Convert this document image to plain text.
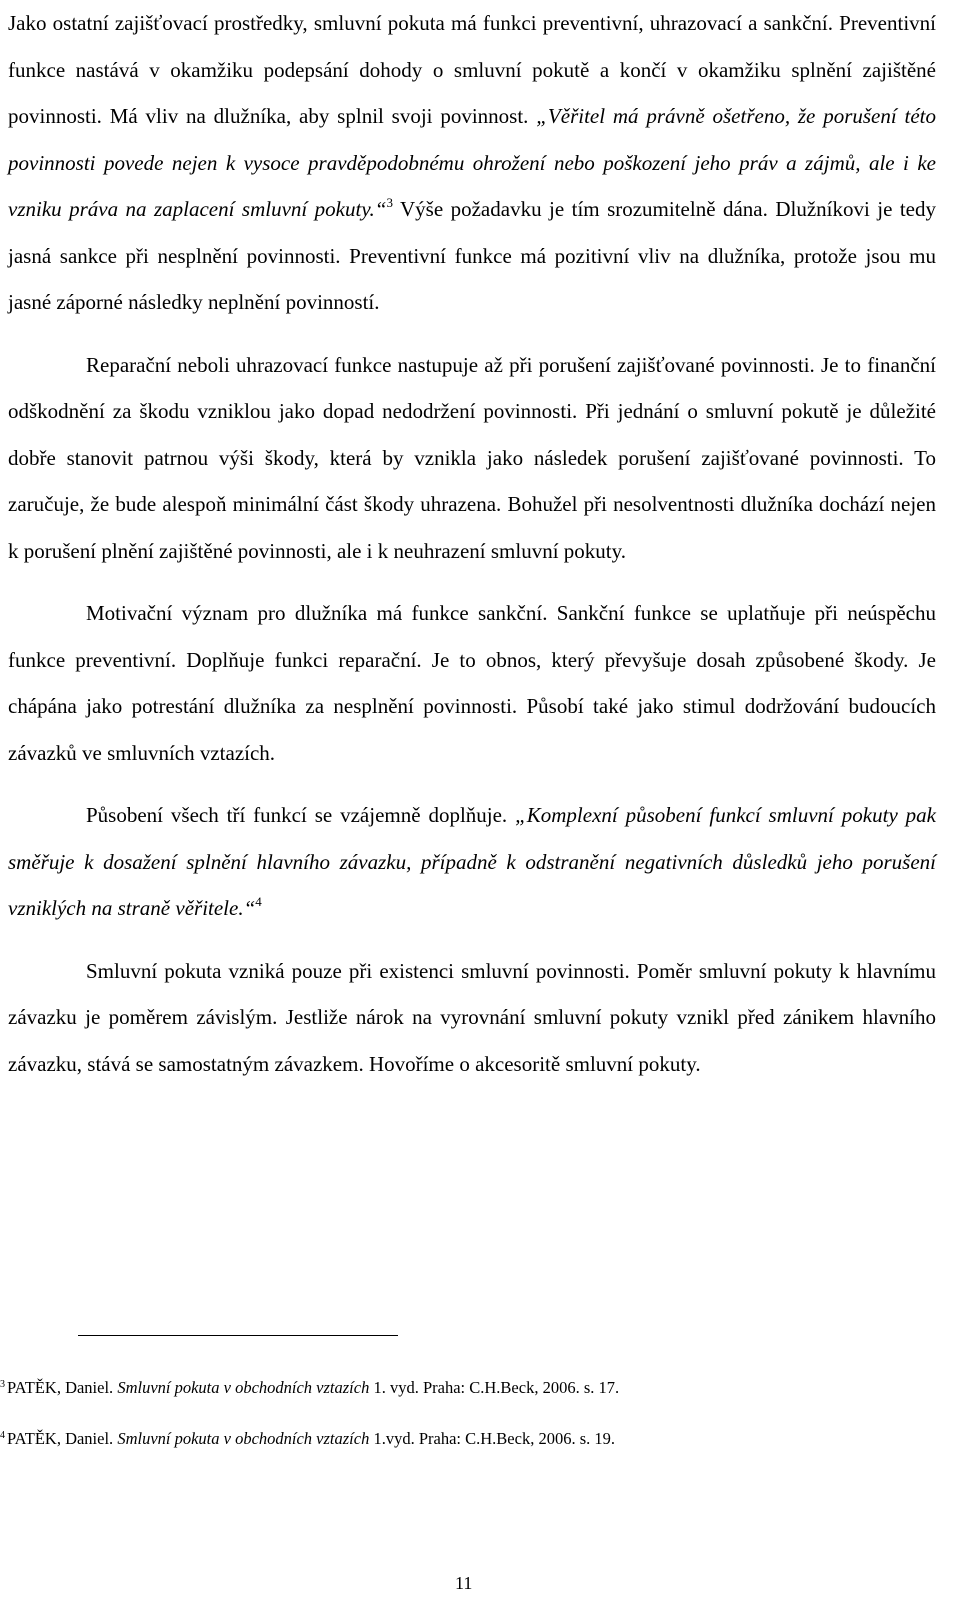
Jako ostatní zajišťovací prostředky, smluvní pokuta má funkci preventivní, uhrazovací a sankční. Preventivní funkce nastává v okamžiku podepsání dohody o smluvní pokutě a končí v okamžiku splnění zajištěné povinnosti. Má vliv na dlužníka, aby splnil svoji povinnost. „Věřitel má právně ošetřeno, že porušení této povinnosti povede nejen k vysoce pravděpodobnému ohrožení nebo poškození jeho práv a zájmů, ale i ke vzniku práva na zaplacení smluvní pokuty.“$^3$ Výše požadavku je tím srozumitelně dána. Dlužníkovi je tedy jasná sankce při nesplnění povinnosti. Preventivní funkce má pozitivní vliv na dlužníka, protože jsou mu jasné záporné následky neplnění povinností.

Reparační neboli uhrazovací funkce nastupuje až při porušení zajišťované povinnosti. Je to finanční odškodnění za škodu vzniklou jako dopad nedodržení povinnosti. Při jednání o smluvní pokutě je důležité dobře stanovit patrnou výši škody, která by vznikla jako následek porušení zajišťované povinnosti. To zaručuje, že bude alespoň minimální část škody uhrazena. Bohužel při nesolventnosti dlužníka dochází nejen k porušení plnění zajištěné povinnosti, ale i k neuhrazení smluvní pokuty.

Motivační význam pro dlužníka má funkce sankční. Sankční funkce se uplatňuje při neúspěchu funkce preventivní. Doplňuje funkci reparační. Je to obnos, který převyšuje dosah způsobené škody. Je chápána jako potrestání dlužníka za nesplnění povinnosti. Působí také jako stimul dodržování budoucích závazků ve smluvních vztazích.

Působení všech tří funkcí se vzájemně doplňuje. „Komplexní působení funkcí smluvní pokuty pak směřuje k dosažení splnění hlavního závazku, případně k odstranění negativních důsledků jeho porušení vzniklých na straně věřitele.“$^4$

Smluvní pokuta vzniká pouze při existenci smluvní povinnosti. Poměr smluvní pokuty k hlavnímu závazku je poměrem závislým. Jestliže nárok na vyrovnání smluvní pokuty vznikl před zánikem hlavního závazku, stává se samostatným závazkem. Hovoříme o akcesoritě smluvní pokuty.

$^3$ PATĚK, Daniel. Smluvní pokuta v obchodních vztazích 1. vyd. Praha: C.H.Beck, 2006. s. 17.
$^4$ PATĚK, Daniel. Smluvní pokuta v obchodních vztazích 1.vyd. Praha: C.H.Beck, 2006. s. 19.
11
